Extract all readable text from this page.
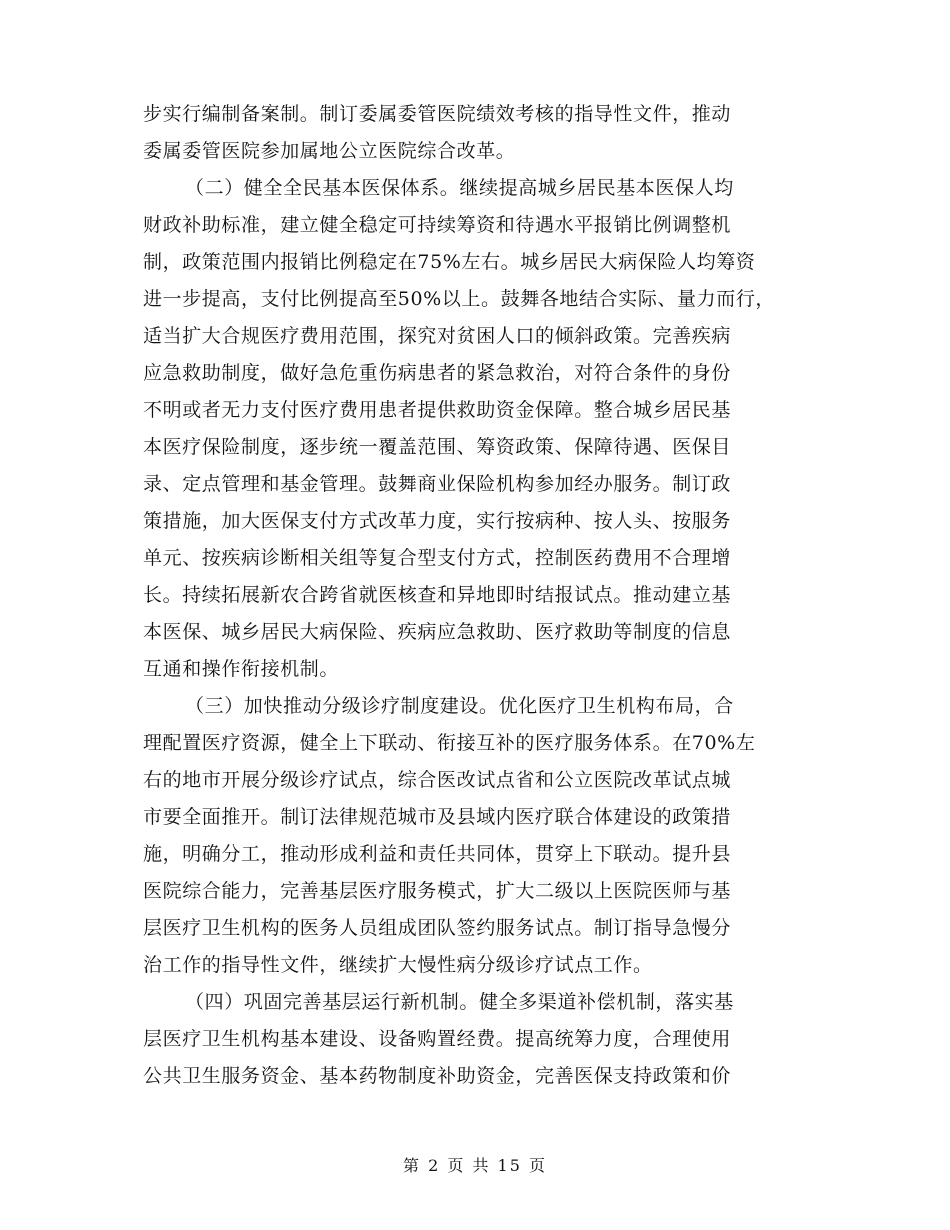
步实行编制备案制。制订委属委管医院绩效考核的指导性文件，推动
委属委管医院参加属地公立医院综合改革。
（二）健全全民基本医保体系。继续提高城乡居民基本医保人均
财政补助标准，建立健全稳定可持续筹资和待遇水平报销比例调整机
制，政策范围内报销比例稳定在75%左右。城乡居民大病保险人均筹资
进一步提高，支付比例提高至50%以上。鼓舞各地结合实际、量力而行，
适当扩大合规医疗费用范围，探究对贫困人口的倾斜政策。完善疾病
应急救助制度，做好急危重伤病患者的紧急救治，对符合条件的身份
不明或者无力支付医疗费用患者提供救助资金保障。整合城乡居民基
本医疗保险制度，逐步统一覆盖范围、筹资政策、保障待遇、医保目
录、定点管理和基金管理。鼓舞商业保险机构参加经办服务。制订政
策措施，加大医保支付方式改革力度，实行按病种、按人头、按服务
单元、按疾病诊断相关组等复合型支付方式，控制医药费用不合理增
长。持续拓展新农合跨省就医核查和异地即时结报试点。推动建立基
本医保、城乡居民大病保险、疾病应急救助、医疗救助等制度的信息
互通和操作衔接机制。
（三）加快推动分级诊疗制度建设。优化医疗卫生机构布局，合
理配置医疗资源，健全上下联动、衔接互补的医疗服务体系。在70%左
右的地市开展分级诊疗试点，综合医改试点省和公立医院改革试点城
市要全面推开。制订法律规范城市及县域内医疗联合体建设的政策措
施，明确分工，推动形成利益和责任共同体，贯穿上下联动。提升县
医院综合能力，完善基层医疗服务模式，扩大二级以上医院医师与基
层医疗卫生机构的医务人员组成团队签约服务试点。制订指导急慢分
治工作的指导性文件，继续扩大慢性病分级诊疗试点工作。
（四）巩固完善基层运行新机制。健全多渠道补偿机制，落实基
层医疗卫生机构基本建设、设备购置经费。提高统筹力度，合理使用
公共卫生服务资金、基本药物制度补助资金，完善医保支持政策和价
第 2 页 共 15 页
